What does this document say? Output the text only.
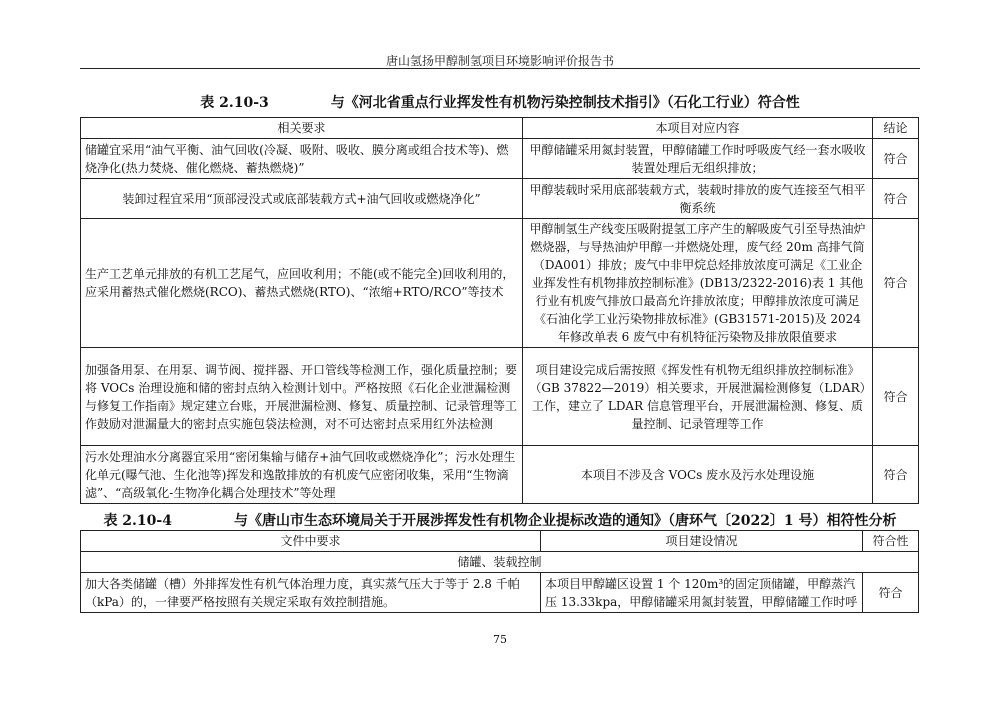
唐山氢扬甲醇制氢项目环境影响评价报告书
表 2.10-3	与《河北省重点行业挥发性有机物污染控制技术指引》（石化工行业）符合性
相关要求	本项目对应内容	结论
储罐宜采用“油气平衡、油气回收(冷凝、吸附、吸收、膜分离或组合技术等)、燃烧净化(热力焚烧、催化燃烧、蓄热燃烧)”	甲醇储罐采用氮封装置，甲醇储罐工作时呼吸废气经一套水吸收装置处理后无组织排放；	符合
装卸过程宜采用“顶部浸没式或底部装载方式+油气回收或燃烧净化”	甲醇装载时采用底部装载方式，装载时排放的废气连接至气相平衡系统	符合
生产工艺单元排放的有机工艺尾气，应回收利用；不能(或不能完全)回收利用的，应采用蓄热式催化燃烧(RCO)、蓄热式燃烧(RTO)、“浓缩+RTO/RCO”等技术	甲醇制氢生产线变压吸附提氢工序产生的解吸废气引至导热油炉燃烧器，与导热油炉甲醇一并燃烧处理，废气经 20m 高排气筒（DA001）排放；废气中非甲烷总烃排放浓度可满足《工业企业挥发性有机物排放控制标准》(DB13/2322-2016)表 1 其他行业有机废气排放口最高允许排放浓度；甲醇排放浓度可满足《石油化学工业污染物排放标准》(GB31571-2015)及 2024 年修改单表 6 废气中有机特征污染物及排放限值要求	符合
加强备用泵、在用泵、调节阀、搅拌器、开口管线等检测工作，强化质量控制；要将 VOCs 治理设施和储的密封点纳入检测计划中。严格按照《石化企业泄漏检测与修复工作指南》规定建立台账，开展泄漏检测、修复、质量控制、记录管理等工作鼓励对泄漏量大的密封点实施包袋法检测，对不可达密封点采用红外法检测	项目建设完成后需按照《挥发性有机物无组织排放控制标准》（GB 37822—2019）相关要求，开展泄漏检测修复（LDAR）工作，建立了 LDAR 信息管理平台，开展泄漏检测、修复、质量控制、记录管理等工作	符合
污水处理油水分离器宜采用“密闭集输与储存+油气回收或燃烧净化”；污水处理生化单元(曝气池、生化池等)挥发和逸散排放的有机废气应密闭收集，采用“生物滴滤”、“高级氧化-生物净化耦合处理技术”等处理	本项目不涉及含 VOCs 废水及污水处理设施	符合
表 2.10-4	与《唐山市生态环境局关于开展涉挥发性有机物企业提标改造的通知》（唐环气〔2022〕1 号）相符性分析
文件中要求	项目建设情况	符合性
储罐、装载控制		
加大各类储罐（槽）外排挥发性有机气体治理力度，真实蒸气压大于等于 2.8 千帕（kPa）的，一律要严格按照有关规定采取有效控制措施。	本项目甲醇罐区设置 1 个 120m³的固定顶储罐，甲醇蒸汽压 13.33kpa，甲醇储罐采用氮封装置，甲醇储罐工作时呼	符合
75
